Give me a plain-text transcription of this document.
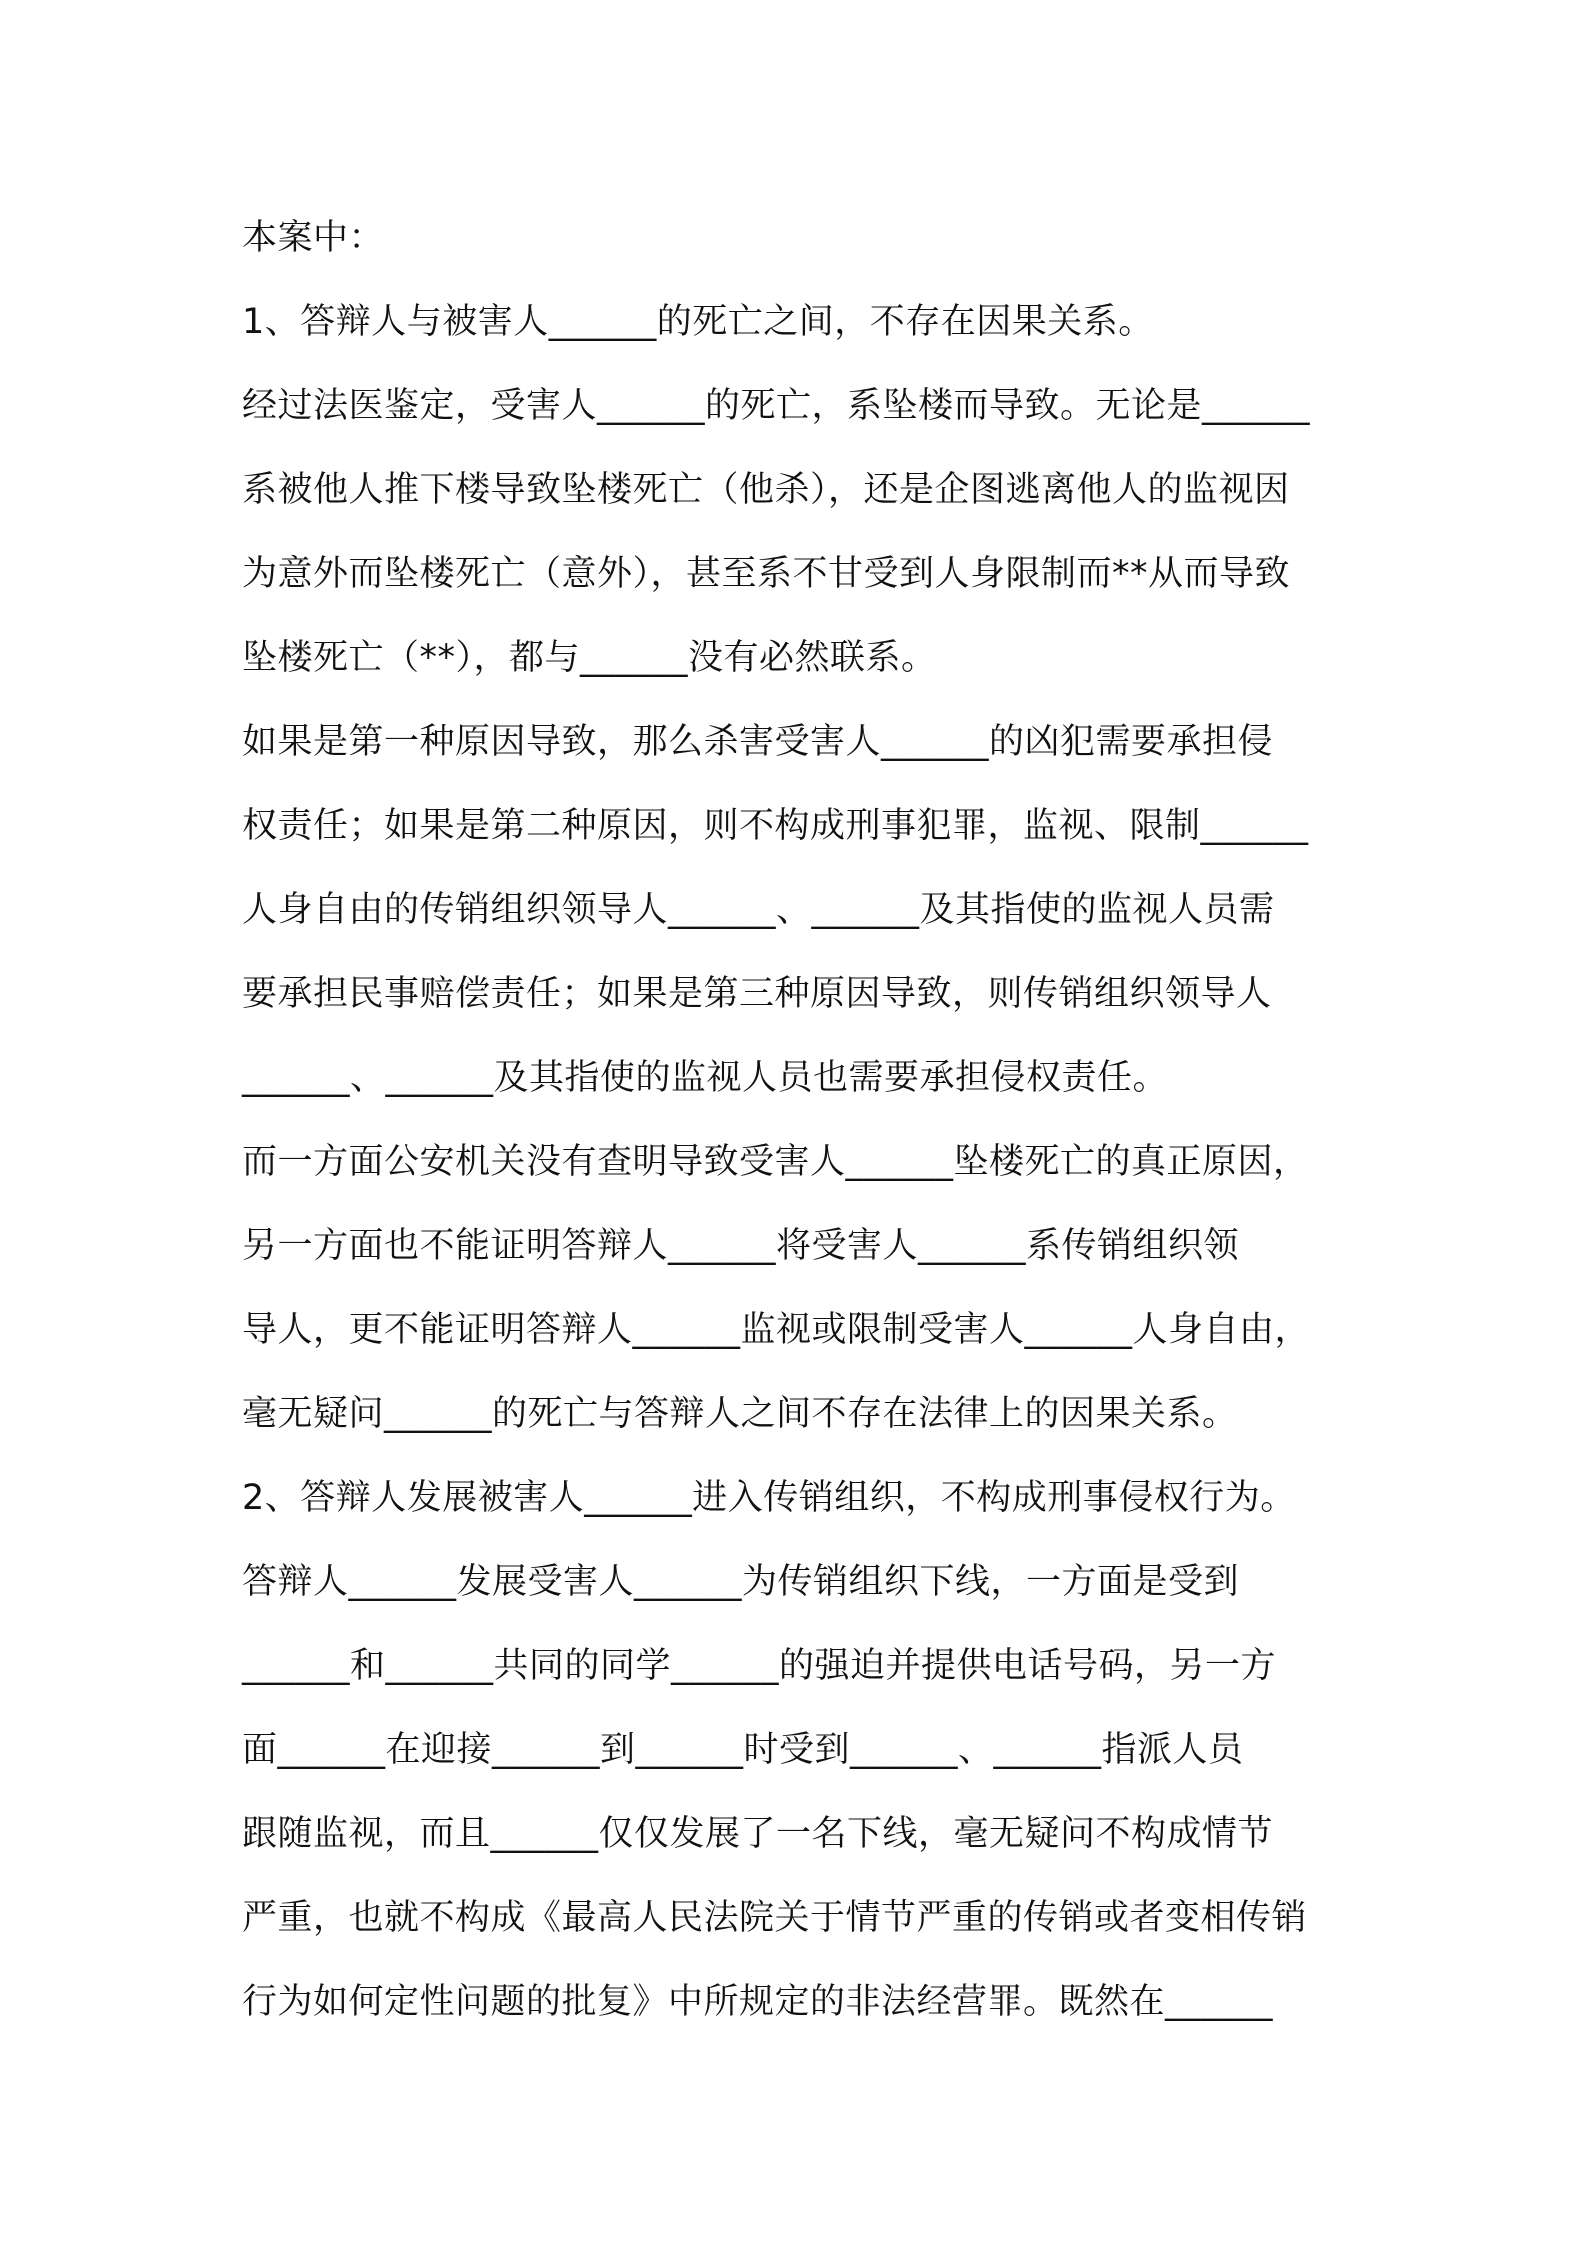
本案中：
1、答辩人与被害人______的死亡之间，不存在因果关系。
经过法医鉴定，受害人______的死亡，系坠楼而导致。无论是______
系被他人推下楼导致坠楼死亡（他杀），还是企图逃离他人的监视因
为意外而坠楼死亡（意外），甚至系不甘受到人身限制而**从而导致
坠楼死亡（**），都与______没有必然联系。
如果是第一种原因导致，那么杀害受害人______的凶犯需要承担侵
权责任；如果是第二种原因，则不构成刑事犯罪，监视、限制______
人身自由的传销组织领导人______、______及其指使的监视人员需
要承担民事赔偿责任；如果是第三种原因导致，则传销组织领导人
______、______及其指使的监视人员也需要承担侵权责任。
而一方面公安机关没有查明导致受害人______坠楼死亡的真正原因，
另一方面也不能证明答辩人______将受害人______系传销组织领
导人，更不能证明答辩人______监视或限制受害人______人身自由，
毫无疑问______的死亡与答辩人之间不存在法律上的因果关系。
2、答辩人发展被害人______进入传销组织，不构成刑事侵权行为。
答辩人______发展受害人______为传销组织下线，一方面是受到
______和______共同的同学______的强迫并提供电话号码，另一方
面______在迎接______到______时受到______、______指派人员
跟随监视，而且______仅仅发展了一名下线，毫无疑问不构成情节
严重，也就不构成《最高人民法院关于情节严重的传销或者变相传销
行为如何定性问题的批复》中所规定的非法经营罪。既然在______
